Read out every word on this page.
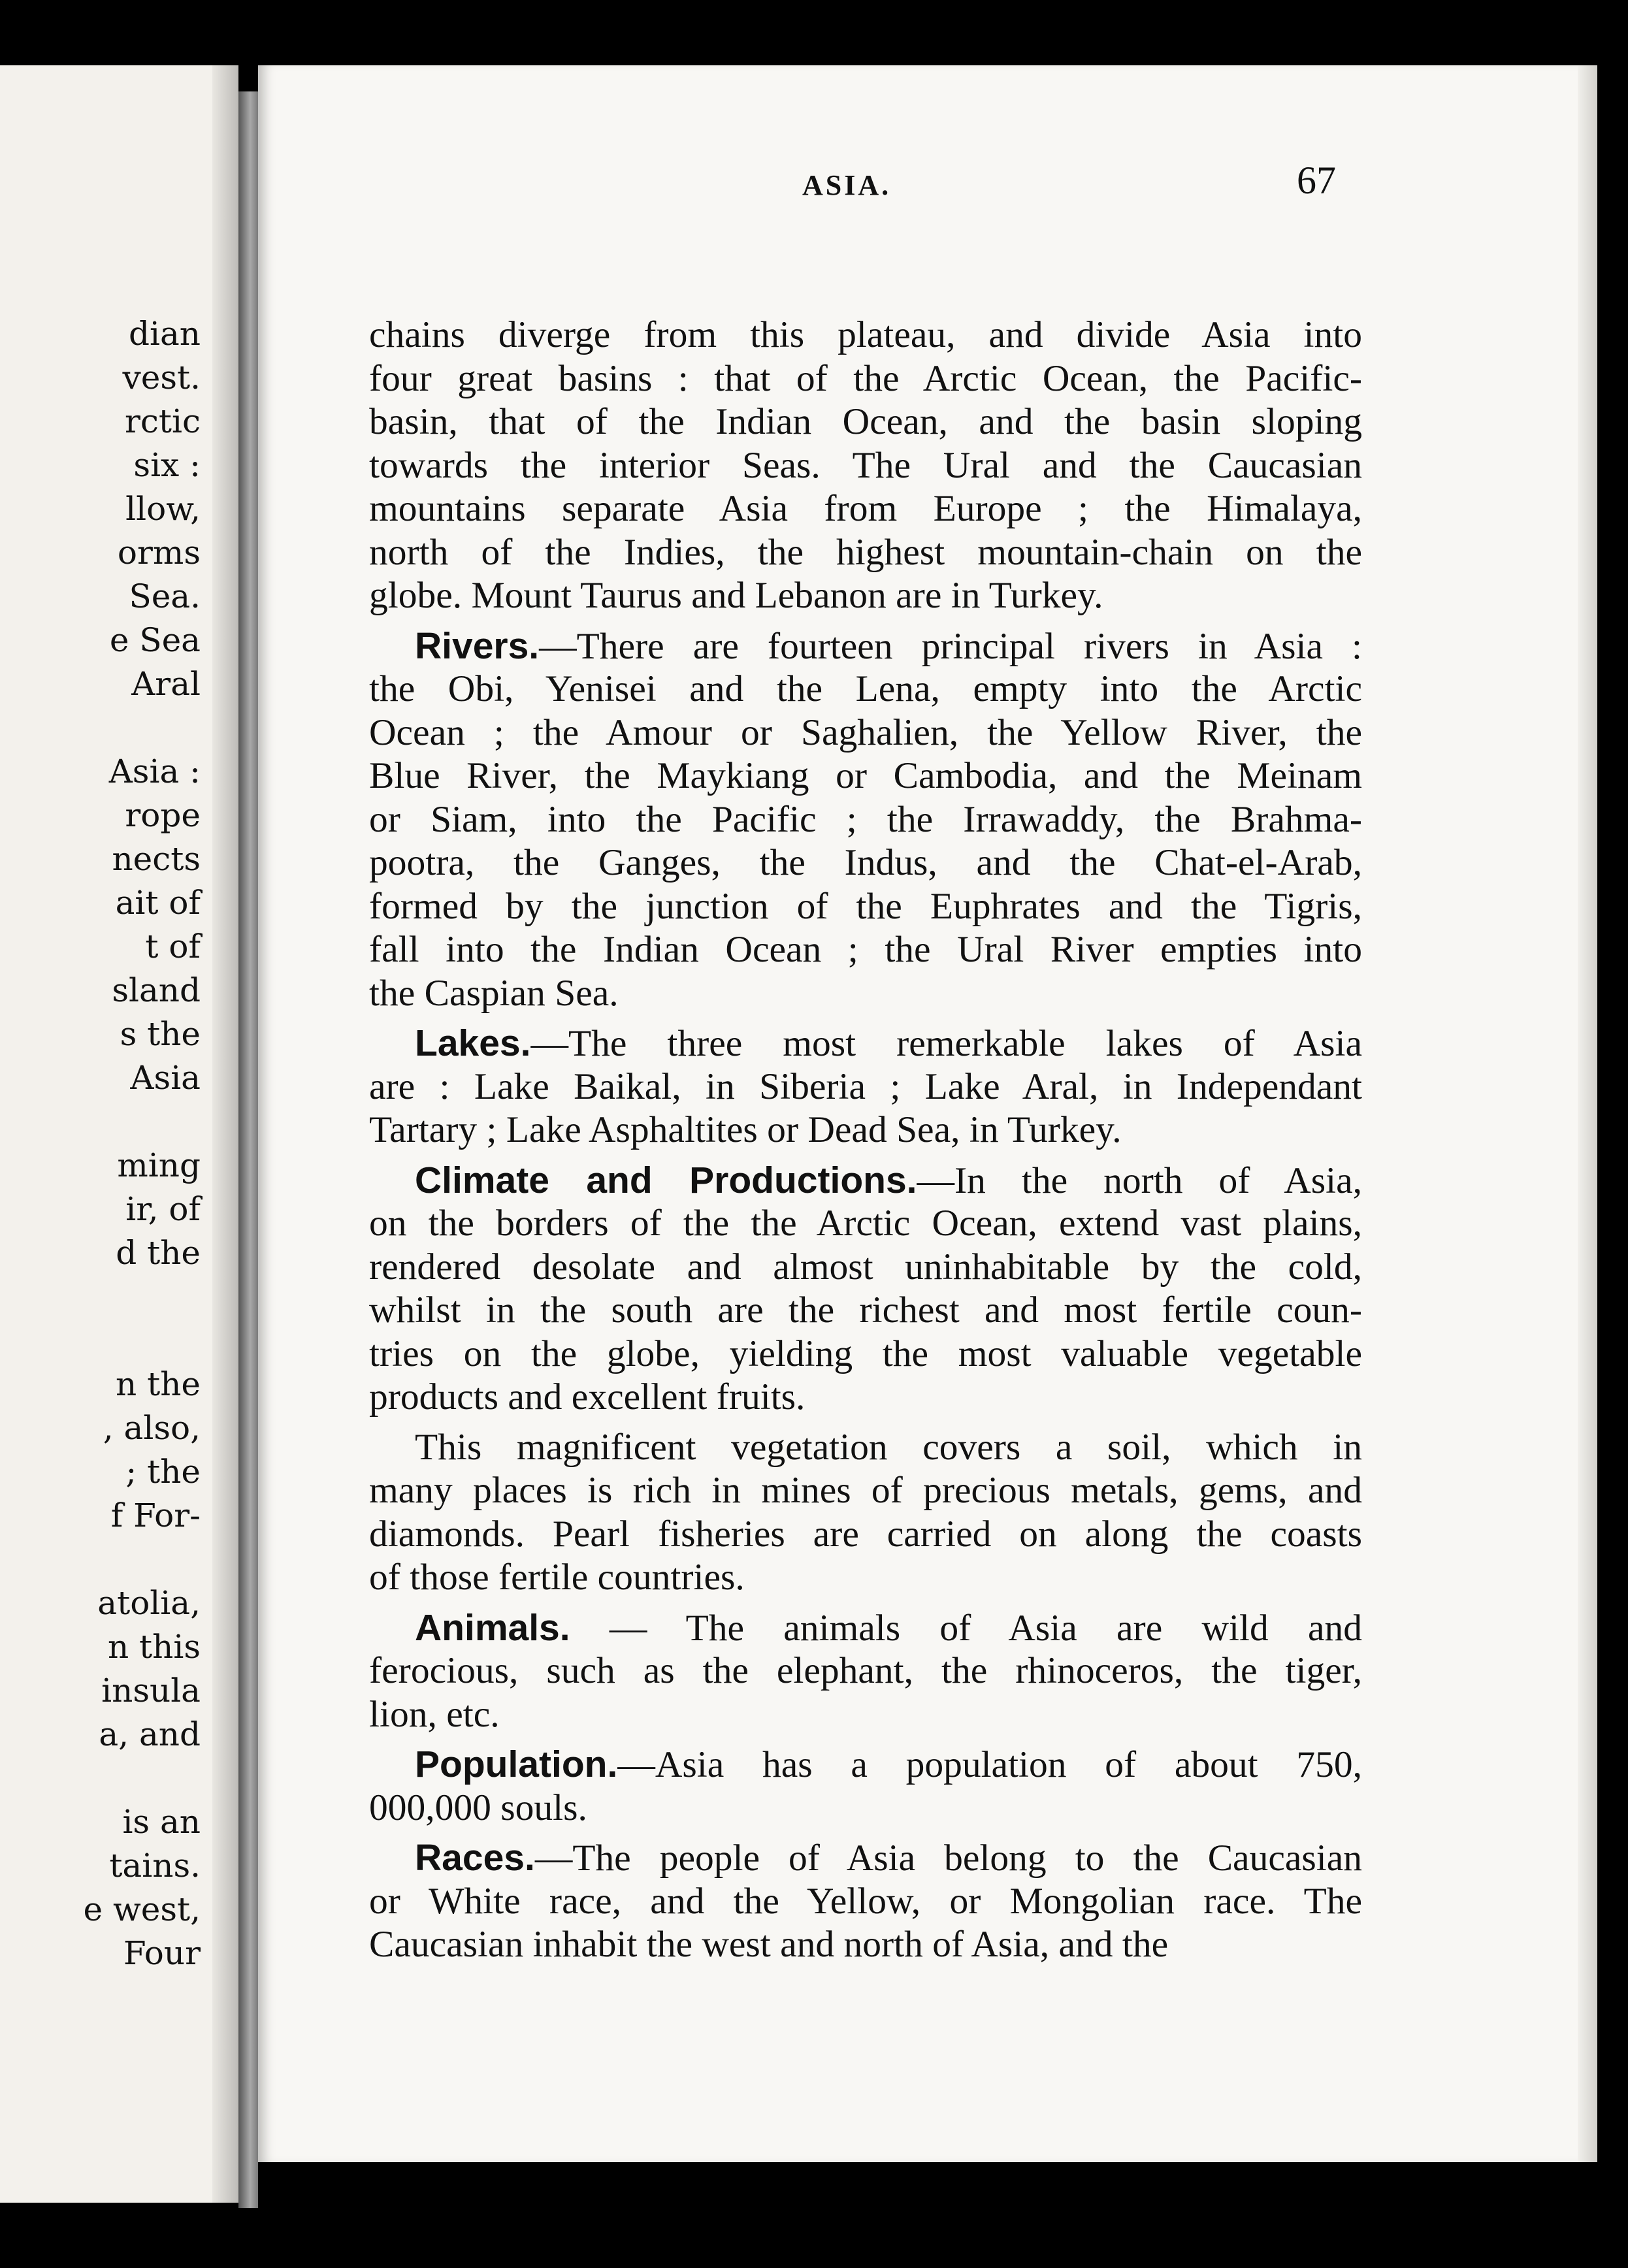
dian
vest.
rctic
six :
llow,
orms
Sea.
e Sea
Aral
Asia :
rope
nects
ait of
t of
sland
s the
Asia
ming
ir, of
d the
n the
, also,
; the
f For-
atolia,
n this
insula
a, and
is an
tains.
e west,
Four
ASIA.	67
chains diverge from this plateau, and divide Asia into
four great basins : that of the Arctic Ocean, the Pacific-
basin, that of the Indian Ocean, and the basin sloping
towards the interior Seas. The Ural and the Caucasian
mountains separate Asia from Europe ; the Himalaya,
north of the Indies, the highest mountain-chain on the
globe. Mount Taurus and Lebanon are in Turkey.
Rivers.—There are fourteen principal rivers in Asia :
the Obi, Yenisei and the Lena, empty into the Arctic
Ocean ; the Amour or Saghalien, the Yellow River, the
Blue River, the Maykiang or Cambodia, and the Meinam
or Siam, into the Pacific ; the Irrawaddy, the Brahma-
pootra, the Ganges, the Indus, and the Chat-el-Arab,
formed by the junction of the Euphrates and the Tigris,
fall into the Indian Ocean ; the Ural River empties into
the Caspian Sea.
Lakes.—The three most remerkable lakes of Asia
are : Lake Baikal, in Siberia ; Lake Aral, in Independant
Tartary ; Lake Asphaltites or Dead Sea, in Turkey.
Climate and Productions.—In the north of Asia,
on the borders of the the Arctic Ocean, extend vast plains,
rendered desolate and almost uninhabitable by the cold,
whilst in the south are the richest and most fertile coun-
tries on the globe, yielding the most valuable vegetable
products and excellent fruits.
This magnificent vegetation covers a soil, which in
many places is rich in mines of precious metals, gems, and
diamonds. Pearl fisheries are carried on along the coasts
of those fertile countries.
Animals. — The animals of Asia are wild and
ferocious, such as the elephant, the rhinoceros, the tiger,
lion, etc.
Population.—Asia has a population of about 750,
000,000 souls.
Races.—The people of Asia belong to the Caucasian
or White race, and the Yellow, or Mongolian race. The
Caucasian inhabit the west and north of Asia, and the
